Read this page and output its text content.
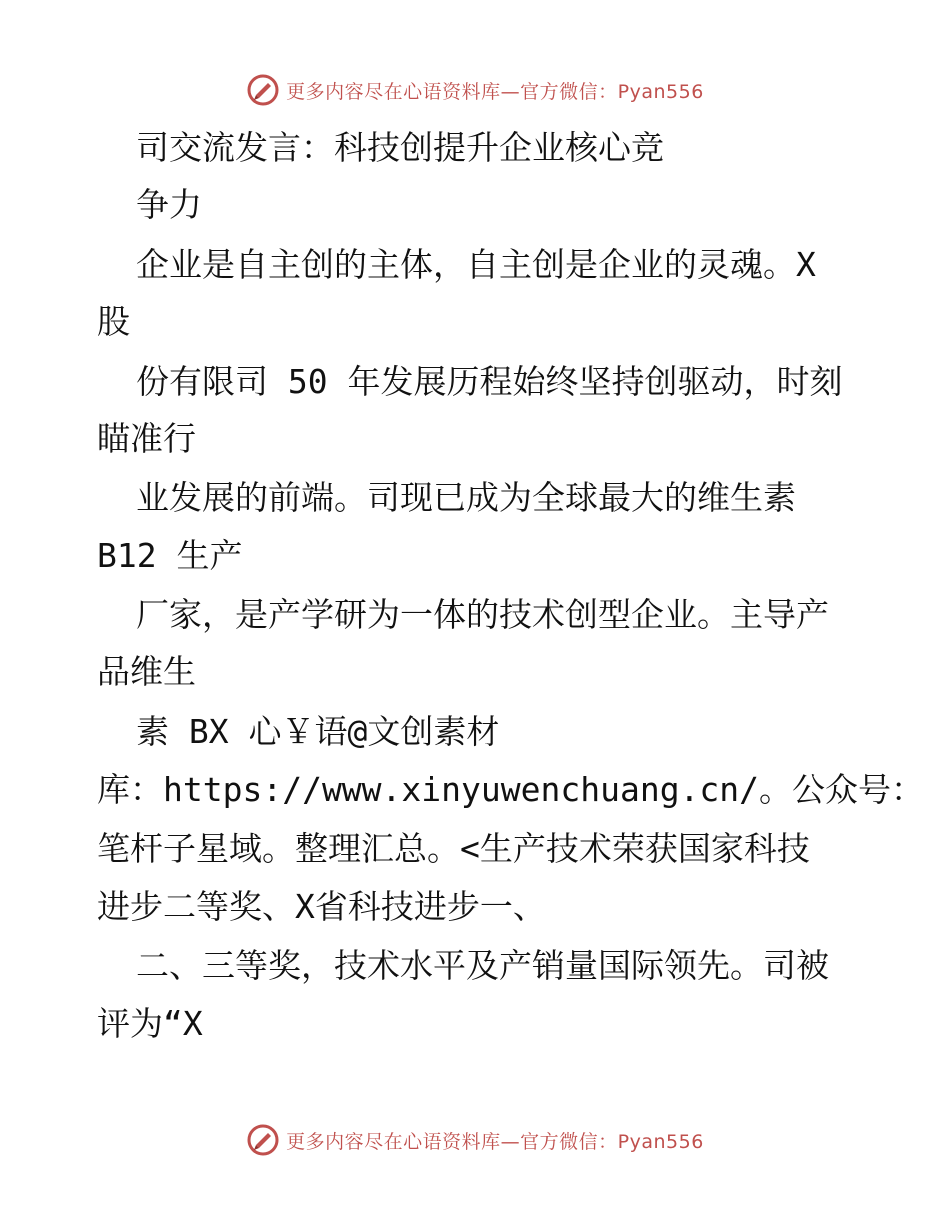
更多内容尽在心语资料库—官方微信：Pyan556
司交流发言：科技创提升企业核心竞
争力
企业是自主创的主体，自主创是企业的灵魂。X
股
份有限司 50 年发展历程始终坚持创驱动，时刻
瞄准行
业发展的前端。司现已成为全球最大的维生素
B12 生产
厂家，是产学研为一体的技术创型企业。主导产
品维生
素 BX 心￥语@文创素材
库：https://www.xinyuwenchuang.cn/。公众号：
笔杆子星域。整理汇总。<生产技术荣获国家科技
进步二等奖、X省科技进步一、
二、三等奖，技术水平及产销量国际领先。司被
评为“X
更多内容尽在心语资料库—官方微信：Pyan556
